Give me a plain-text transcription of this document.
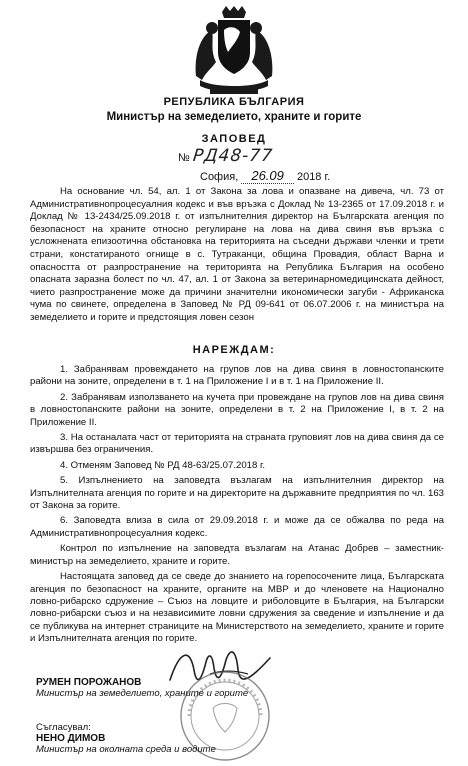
РЕПУБЛИКА БЪЛГАРИЯ
Министър на земеделието, храните и горите
ЗАПОВЕД
№ РД48-77
София, 26.09 2018 г.
На основание чл. 54, ал. 1 от Закона за лова и опазване на дивеча, чл. 73 от Административнопроцесуалния кодекс и във връзка с Доклад № 13-2365 от 17.09.2018 г. и Доклад № 13-2434/25.09.2018 г. от изпълнителния директор на Българската агенция по безопасност на храните относно регулиране на лова на дива свиня във връзка с усложнената епизоотична обстановка на територията на съседни държави членки и трети страни, констатираното огнище в с. Тутраканци, община Провадия, област Варна и опасността от разпространение на територията на Република България на особено опасната заразна болест по чл. 47, ал. 1 от Закона за ветеринарномедицинската дейност, чието разпространение може да причини значителни икономически загуби - Африканска чума по свинете, определена в Заповед № РД 09-641 от 06.07.2006 г. на министъра на земеделието и горите и предстоящия ловен сезон
НАРЕЖДАМ:

1. Забранявам провеждането на групов лов на дива свиня в ловностопанските райони на зоните, определени в т. 1 на Приложение I и в т. 1 на Приложение II.

2. Забранявам използването на кучета при провеждане на групов лов на дива свиня в ловностопанските райони на зоните, определени в т. 2 на Приложение I, в т. 2 на Приложение II.

3. На останалата част от територията на страната груповият лов на дива свиня да се извършва без ограничения.

4. Отменям Заповед № РД 48-63/25.07.2018 г.

5. Изпълнението на заповедта възлагам на изпълнителния директор на Изпълнителната агенция по горите и на директорите на държавните предприятия по чл. 163 от Закона за горите.

6. Заповедта влиза в сила от 29.09.2018 г. и може да се обжалва по реда на Административнопроцесуалния кодекс.

Контрол по изпълнение на заповедта възлагам на Атанас Добрев – заместник-министър на земеделието, храните и горите.

Настоящата заповед да се сведе до знанието на горепосочените лица, Българската агенция по безопасност на храните, органите на МВР и до членовете на Национално ловно-рибарско сдружение – Съюз на ловците и риболовците в България, на Български ловно-рибарски съюз и на независимите ловни сдружения за сведение и изпълнение и да се публикува на интернет страниците на Министерството на земеделието, храните и горите и Изпълнителната агенция по горите.

РУМЕН ПОРОЖАНОВ
Министър на земеделието, храните и горите
Съгласувал:
НЕНО ДИМОВ
Министър на околната среда и водите
